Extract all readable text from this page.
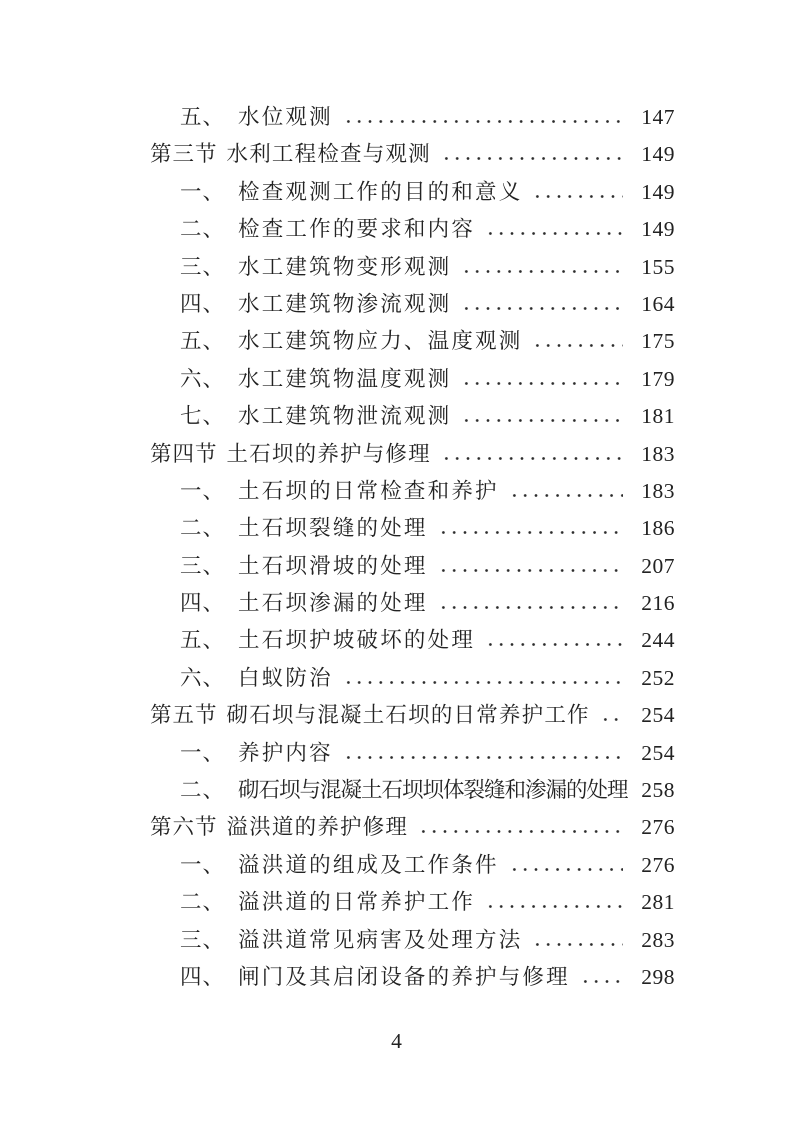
五、 水位观测	147
第三节 水利工程检查与观测	149
一、 检查观测工作的目的和意义	149
二、 检查工作的要求和内容	149
三、 水工建筑物变形观测	155
四、 水工建筑物渗流观测	164
五、 水工建筑物应力、温度观测	175
六、 水工建筑物温度观测	179
七、 水工建筑物泄流观测	181
第四节 土石坝的养护与修理	183
一、 土石坝的日常检查和养护	183
二、 土石坝裂缝的处理	186
三、 土石坝滑坡的处理	207
四、 土石坝渗漏的处理	216
五、 土石坝护坡破坏的处理	244
六、 白蚁防治	252
第五节 砌石坝与混凝土石坝的日常养护工作	254
一、 养护内容	254
二、 砌石坝与混凝土石坝坝体裂缝和渗漏的处理 258
第六节 溢洪道的养护修理	276
一、 溢洪道的组成及工作条件	276
二、 溢洪道的日常养护工作	281
三、 溢洪道常见病害及处理方法	283
四、 闸门及其启闭设备的养护与修理	298
4
